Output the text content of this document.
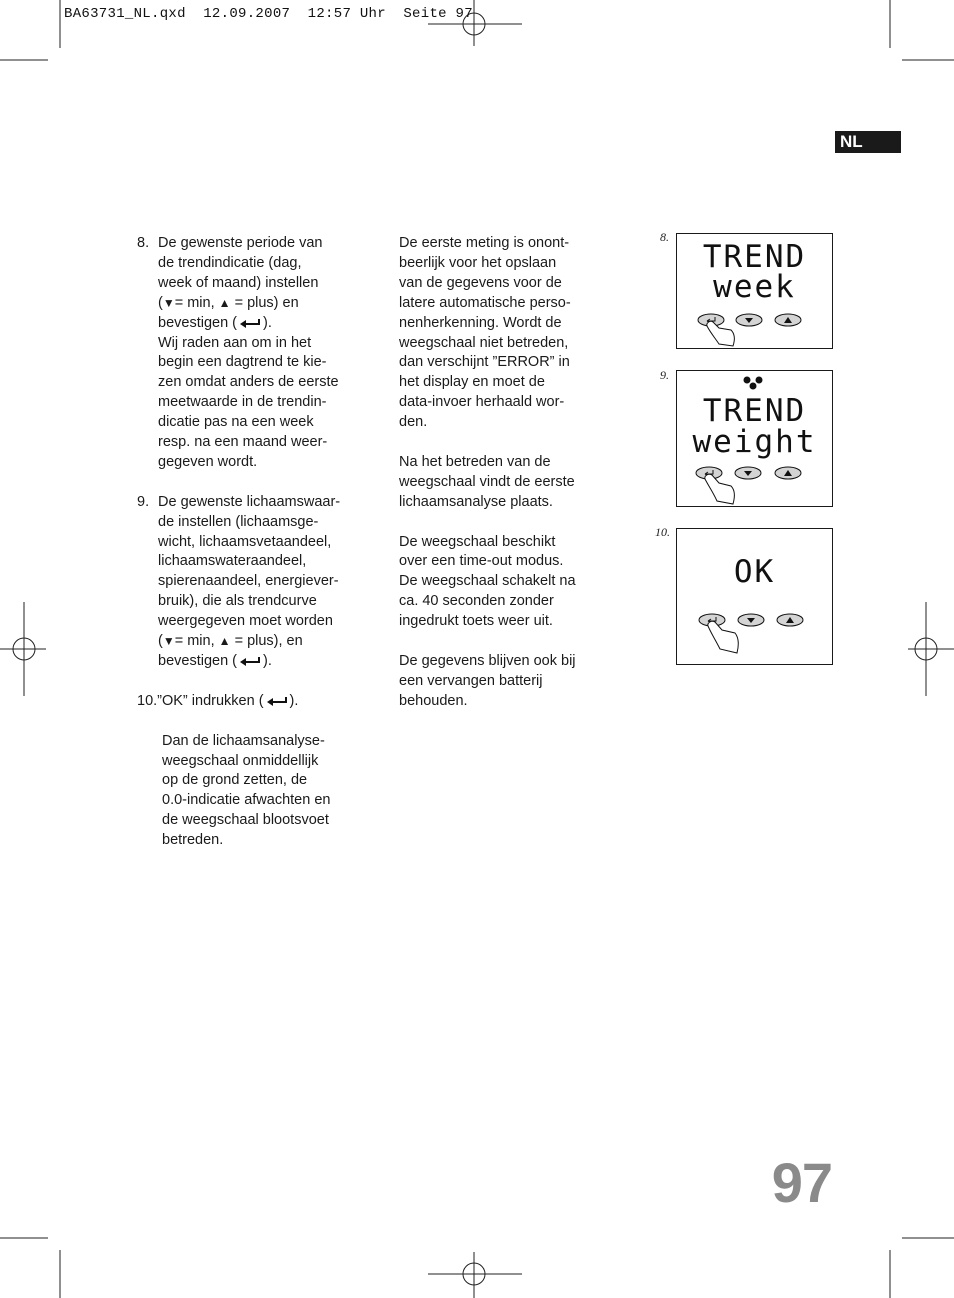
BA63731_NL.qxd  12.09.2007  12:57 Uhr  Seite 97
NL
8. De gewenste periode van

de trendindicatie (dag,

week of maand) instellen

(▼= min, ▲ = plus) en

bevestigen ( ).

Wij raden aan om in het

begin een dagtrend te kie-

zen omdat anders de eerste

meetwaarde in de trendin-

dicatie pas na een week

resp. na een maand weer-

gegeven wordt.

9. De gewenste lichaamswaar-

de instellen (lichaamsge-

wicht, lichaamsvetaandeel,

lichaamswateraandeel,

spierenaandeel, energiever-

bruik), die als trendcurve

weergegeven moet worden

(▼= min, ▲ = plus), en

bevestigen ( ).

10.”OK” indrukken ( ).

Dan de lichaamsanalyse-

weegschaal onmiddellijk

op de grond zetten, de

0.0-indicatie afwachten en

de weegschaal blootsvoet

betreden.

De eerste meting is onont-

beerlijk voor het opslaan

van de gegevens voor de

latere automatische perso-

nenherkenning. Wordt de

weegschaal niet betreden,

dan verschijnt ”ERROR” in

het display en moet de

data-invoer herhaald wor-

den.

Na het betreden van de

weegschaal vindt de eerste

lichaamsanalyse plaats.

De weegschaal beschikt

over een time-out modus.

De weegschaal schakelt na

ca. 40 seconden zonder

ingedrukt toets weer uit.

De gegevens blijven ook bij

een vervangen batterij

behouden.

8.
TREND
week
9.
TREND
weight
10.
OK
97
